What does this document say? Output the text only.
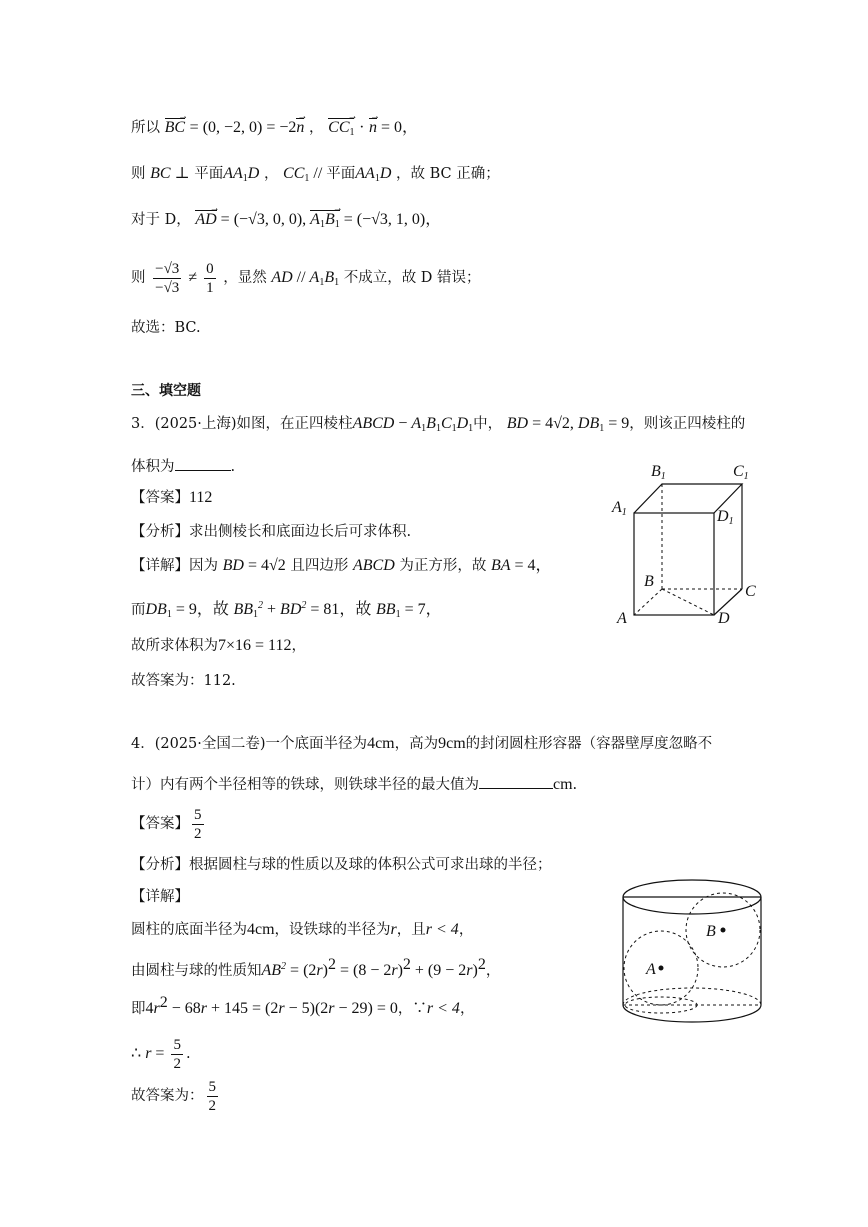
所以 BC → = (0, −2, 0) = −2n → ， $CC_1$ → · n → = 0，
则 BC ⊥ 平面$AA_1D$ ， $CC_1$ // 平面$AA_1D$ ，故 BC 正确；
对于 D， AD → = (−√3, 0, 0), $A_1B_1$ → = (−√3, 1, 0)，
则 $\frac{-√3}{-√3} \ne \frac{0}{1}$ ，显然 AD // $A_1B_1$ 不成立，故 D 错误；
故选：BC.
三、填空题
3．(2025·上海)如图，在正四棱柱ABCD − $A_1B_1C_1D_1$中， BD = 4√2, $DB_1 = 9$，则该正四棱柱的
体积为	.
【答案】112
【分析】求出侧棱长和底面边长后可求体积.
【详解】因为 BD = 4√2 且四边形 ABCD 为正方形，故 BA = 4，
而$DB_1 = 9$，故 $BB_1^2 + BD^2 = 81$，故 $BB_1 = 7$，
故所求体积为7×16 = 112，
故答案为：112.
B1	C1
A1	D1
B
C
A	D
4．(2025·全国二卷)一个底面半径为4cm，高为9cm的封闭圆柱形容器（容器壁厚度忽略不
计）内有两个半径相等的铁球，则铁球半径的最大值为	cm.
【答案】 $\frac{5}{2}$
【分析】根据圆柱与球的性质以及球的体积公式可求出球的半径；
【详解】
圆柱的底面半径为4cm，设铁球的半径为r，且r < 4，
由圆柱与球的性质知$AB^2 = (2r)^2 = (8 - 2r)^2 + (9 - 2r)^2$，
即$4r^2 - 68r + 145 = (2r - 5)(2r - 29) = 0$，∵r < 4，
∴ $r = \frac{5}{2}$ .
故答案为： $\frac{5}{2}$
B
A
